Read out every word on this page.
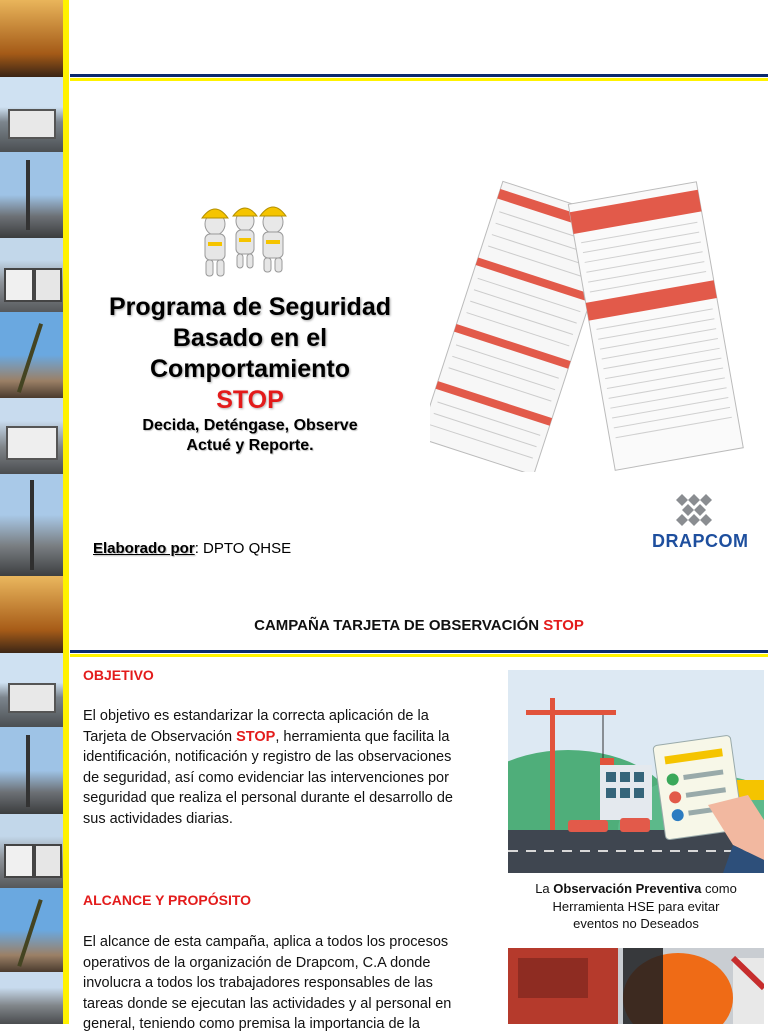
Programa de Seguridad
Basado en el
Comportamiento
STOP
Decida, Deténgase, Observe
Actué y Reporte.
Elaborado por: DPTO QHSE	DRAPCOM
CAMPAÑA TARJETA DE OBSERVACIÓN STOP
OBJETIVO
El objetivo es estandarizar la correcta aplicación de la
Tarjeta de Observación STOP, herramienta que facilita la
identificación, notificación y registro de las observaciones
de seguridad, así como evidenciar las intervenciones por
seguridad que realiza el personal durante el desarrollo de
sus actividades diarias.
ALCANCE Y PROPÓSITO
El alcance de esta campaña, aplica a todos los procesos
operativos de la organización de Drapcom, C.A donde
involucra a todos los trabajadores responsables de las
tareas donde se ejecutan las actividades y al personal en
general, teniendo como premisa la importancia de la
La Observación Preventiva como
Herramienta HSE para evitar
eventos no Deseados
